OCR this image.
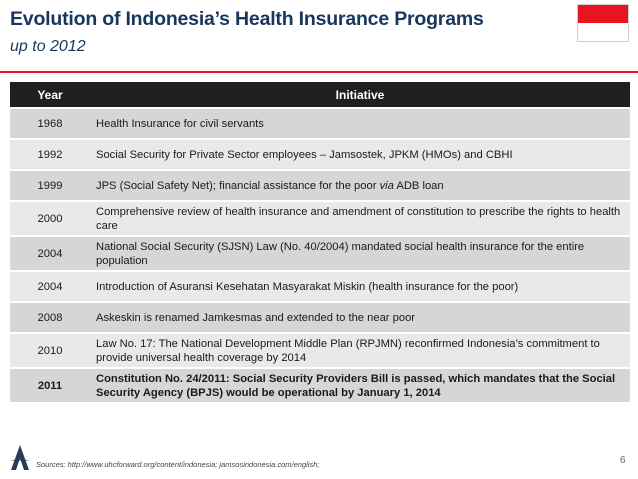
Evolution of Indonesia’s Health Insurance Programs
up to 2012
Year	Initiative
1968	Health Insurance for civil servants
1992	Social Security for Private Sector employees – Jamsostek, JPKM (HMOs) and CBHI
1999	JPS (Social Safety Net); financial assistance for the poor via ADB loan
2000	Comprehensive review of health insurance and amendment of constitution to prescribe the rights to health care
2004	National Social Security (SJSN) Law (No. 40/2004) mandated social health insurance for the entire population
2004	Introduction of Asuransi Kesehatan Masyarakat Miskin (health insurance for the poor)
2008	Askeskin is renamed Jamkesmas and extended to the near poor
2010	Law No. 17: The National Development Middle Plan (RPJMN) reconfirmed Indonesia’s commitment to provide universal health coverage by 2014
2011	Constitution No. 24/2011: Social Security Providers Bill is passed, which mandates that the Social Security Agency (BPJS) would be operational by January 1, 2014
Sources: http://www.uhcforward.org/content/indonesia; jamsosindonesia.com/english;	6
